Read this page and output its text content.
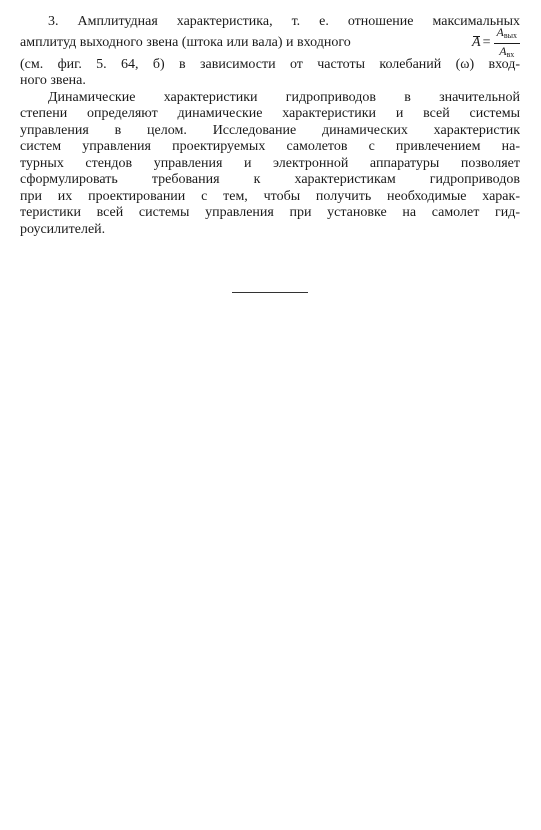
3. Амплитудная характеристика, т. е. отношение максимальных
амплитуд выходного звена (штока или вала) и входного	$A = \frac{A_{вых}}{A_{вх}}$
(см. фиг. 5. 64, б) в зависимости от частоты колебаний (ω) вход-
ного звена.
Динамические характеристики гидроприводов в значительной
степени определяют динамические характеристики и всей системы
управления в целом. Исследование динамических характеристик
систем управления проектируемых самолетов с привлечением на-
турных стендов управления и электронной аппаратуры позволяет
сформулировать требования к характеристикам гидроприводов
при их проектировании с тем, чтобы получить необходимые харак-
теристики всей системы управления при установке на самолет гид-
роусилителей.
